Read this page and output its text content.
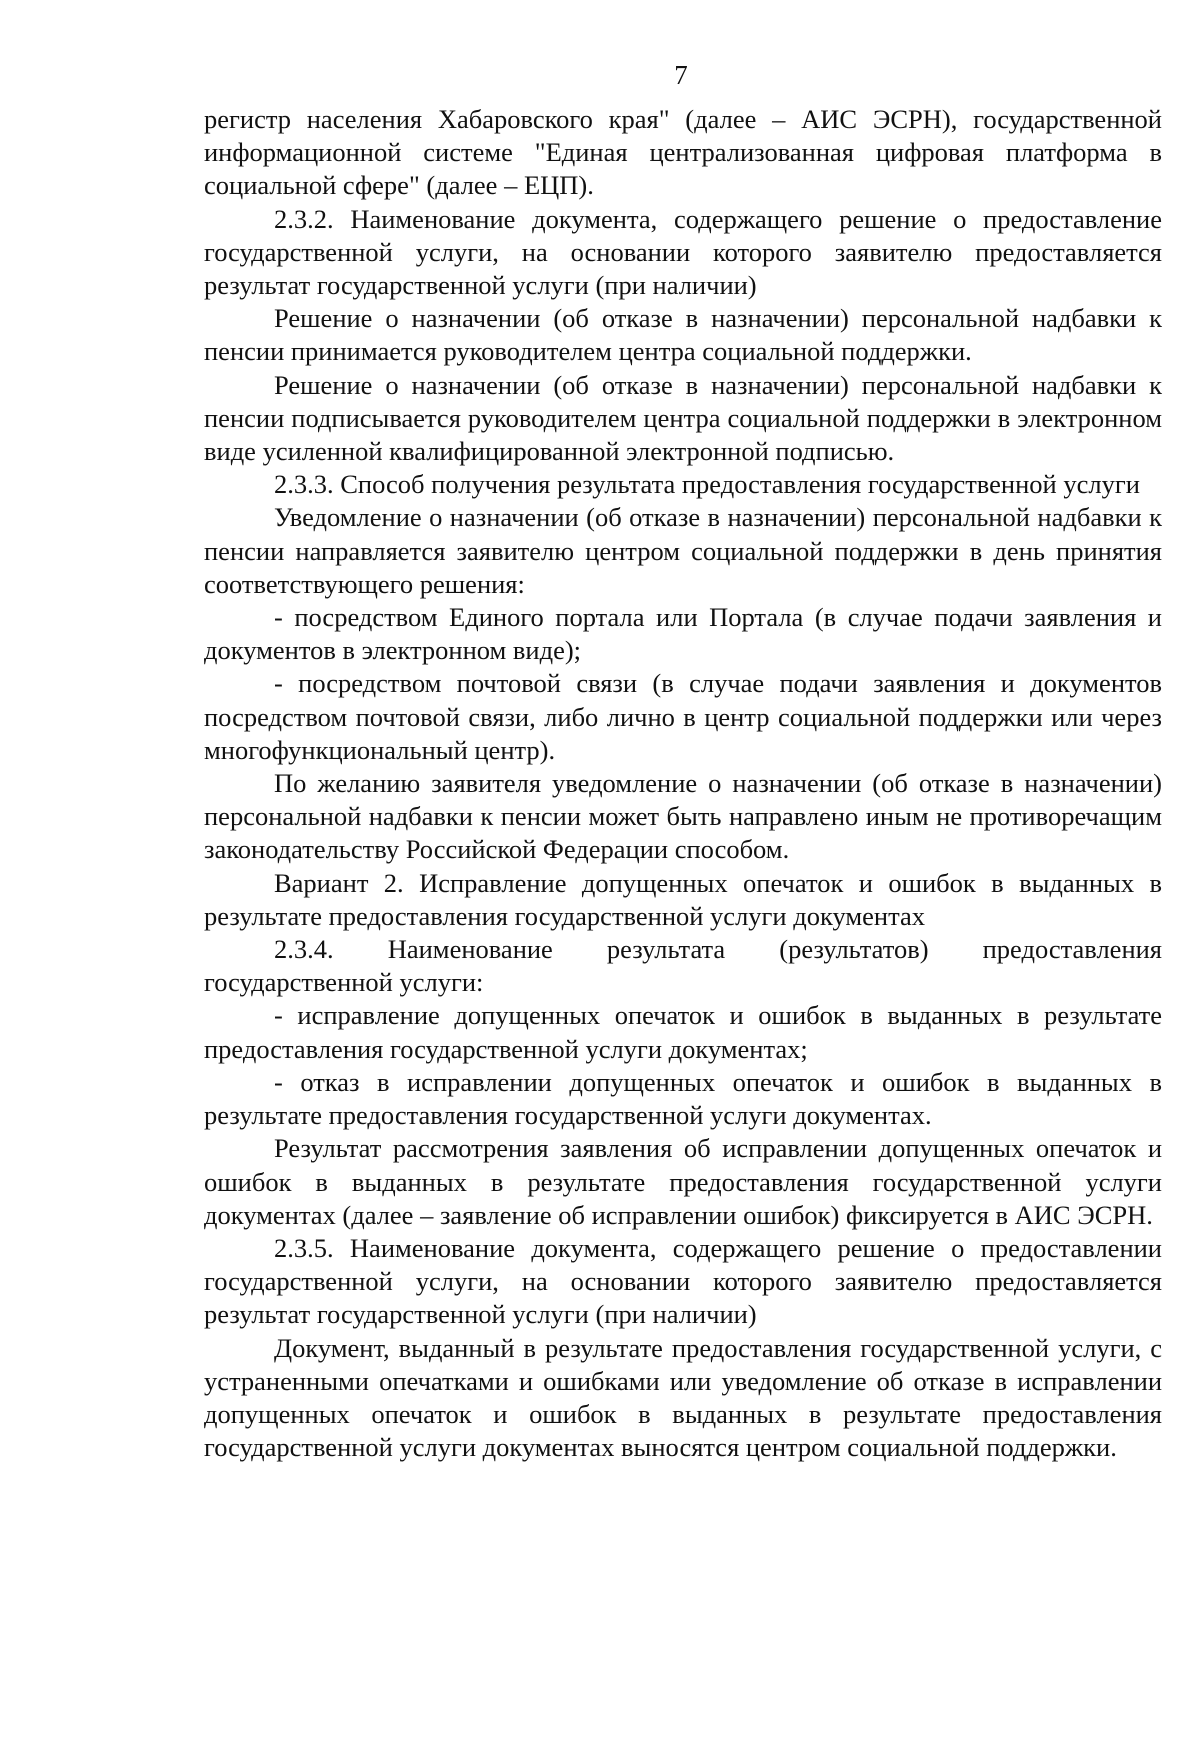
7

регистр населения Хабаровского края" (далее – АИС ЭСРН), государственной информационной системе "Единая централизованная цифровая платформа в социальной сфере" (далее – ЕЦП).

2.3.2. Наименование документа, содержащего решение о предоставление государственной услуги, на основании которого заявителю предоставляется результат государственной услуги (при наличии)

Решение о назначении (об отказе в назначении) персональной надбавки к пенсии принимается руководителем центра социальной поддержки.

Решение о назначении (об отказе в назначении) персональной надбавки к пенсии подписывается руководителем центра социальной поддержки в электронном виде усиленной квалифицированной электронной подписью.

2.3.3. Способ получения результата предоставления государственной услуги

Уведомление о назначении (об отказе в назначении) персональной надбавки к пенсии направляется заявителю центром социальной поддержки в день принятия соответствующего решения:

- посредством Единого портала или Портала (в случае подачи заявления и документов в электронном виде);

- посредством почтовой связи (в случае подачи заявления и документов посредством почтовой связи, либо лично в центр социальной поддержки или через многофункциональный центр).

По желанию заявителя уведомление о назначении (об отказе в назначении) персональной надбавки к пенсии может быть направлено иным не противоречащим законодательству Российской Федерации способом.

Вариант 2. Исправление допущенных опечаток и ошибок в выданных в результате предоставления государственной услуги документах

2.3.4. Наименование результата (результатов) предоставления государственной услуги:

- исправление допущенных опечаток и ошибок в выданных в результате предоставления государственной услуги документах;

- отказ в исправлении допущенных опечаток и ошибок в выданных в результате предоставления государственной услуги документах.

Результат рассмотрения заявления об исправлении допущенных опечаток и ошибок в выданных в результате предоставления государственной услуги документах (далее – заявление об исправлении ошибок) фиксируется в АИС ЭСРН.

2.3.5. Наименование документа, содержащего решение о предоставлении государственной услуги, на основании которого заявителю предоставляется результат государственной услуги (при наличии)

Документ, выданный в результате предоставления государственной услуги, с устраненными опечатками и ошибками или уведомление об отказе в исправлении допущенных опечаток и ошибок в выданных в результате предоставления государственной услуги документах выносятся центром социальной поддержки.
